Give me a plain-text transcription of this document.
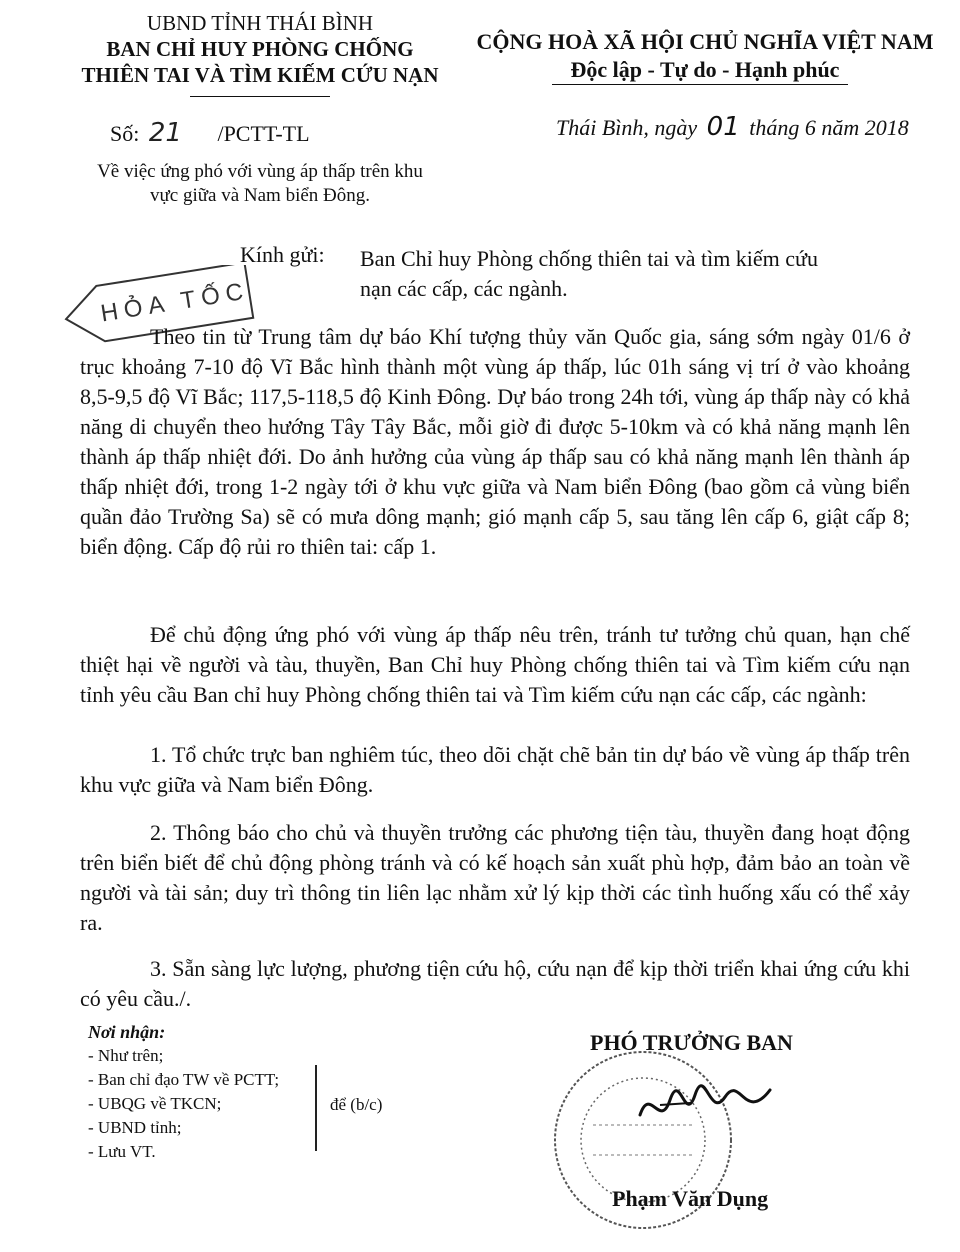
UBND TỈNH THÁI BÌNH
BAN CHỈ HUY PHÒNG CHỐNG
THIÊN TAI VÀ TÌM KIẾM CỨU NẠN
CỘNG HOÀ XÃ HỘI CHỦ NGHĨA VIỆT NAM
Độc lập - Tự do - Hạnh phúc
Số: 21 /PCTT-TL	Thái Bình, ngày 01 tháng 6 năm 2018
Về việc ứng phó với vùng áp thấp trên khu
vực giữa và Nam biển Đông.
Kính gửi: Ban Chỉ huy Phòng chống thiên tai và tìm kiếm cứu
nạn các cấp, các ngành.
HỎA TỐC
Theo tin từ Trung tâm dự báo Khí tượng thủy văn Quốc gia, sáng sớm ngày 01/6 ở trục khoảng 7-10 độ Vĩ Bắc hình thành một vùng áp thấp, lúc 01h sáng vị trí ở vào khoảng 8,5-9,5 độ Vĩ Bắc; 117,5-118,5 độ Kinh Đông. Dự báo trong 24h tới, vùng áp thấp này có khả năng di chuyển theo hướng Tây Tây Bắc, mỗi giờ đi được 5-10km và có khả năng mạnh lên thành áp thấp nhiệt đới. Do ảnh hưởng của vùng áp thấp sau có khả năng mạnh lên thành áp thấp nhiệt đới, trong 1-2 ngày tới ở khu vực giữa và Nam biển Đông (bao gồm cả vùng biển quần đảo Trường Sa) sẽ có mưa dông mạnh; gió mạnh cấp 5, sau tăng lên cấp 6, giật cấp 8; biển động. Cấp độ rủi ro thiên tai: cấp 1.
Để chủ động ứng phó với vùng áp thấp nêu trên, tránh tư tưởng chủ quan, hạn chế thiệt hại về người và tàu, thuyền, Ban Chỉ huy Phòng chống thiên tai và Tìm kiếm cứu nạn tỉnh yêu cầu Ban chỉ huy Phòng chống thiên tai và Tìm kiếm cứu nạn các cấp, các ngành:
1. Tổ chức trực ban nghiêm túc, theo dõi chặt chẽ bản tin dự báo về vùng áp thấp trên khu vực giữa và Nam biển Đông.
2. Thông báo cho chủ và thuyền trưởng các phương tiện tàu, thuyền đang hoạt động trên biển biết để chủ động phòng tránh và có kế hoạch sản xuất phù hợp, đảm bảo an toàn về người và tài sản; duy trì thông tin liên lạc nhằm xử lý kịp thời các tình huống xấu có thể xảy ra.
3. Sẵn sàng lực lượng, phương tiện cứu hộ, cứu nạn để kịp thời triển khai ứng cứu khi có yêu cầu./.
Nơi nhận:
- Như trên;
- Ban chỉ đạo TW về PCTT;
- UBQG về TKCN;
- UBND tỉnh;
- Lưu VT.
để (b/c)
PHÓ TRƯỞNG BAN
Phạm Văn Dụng
